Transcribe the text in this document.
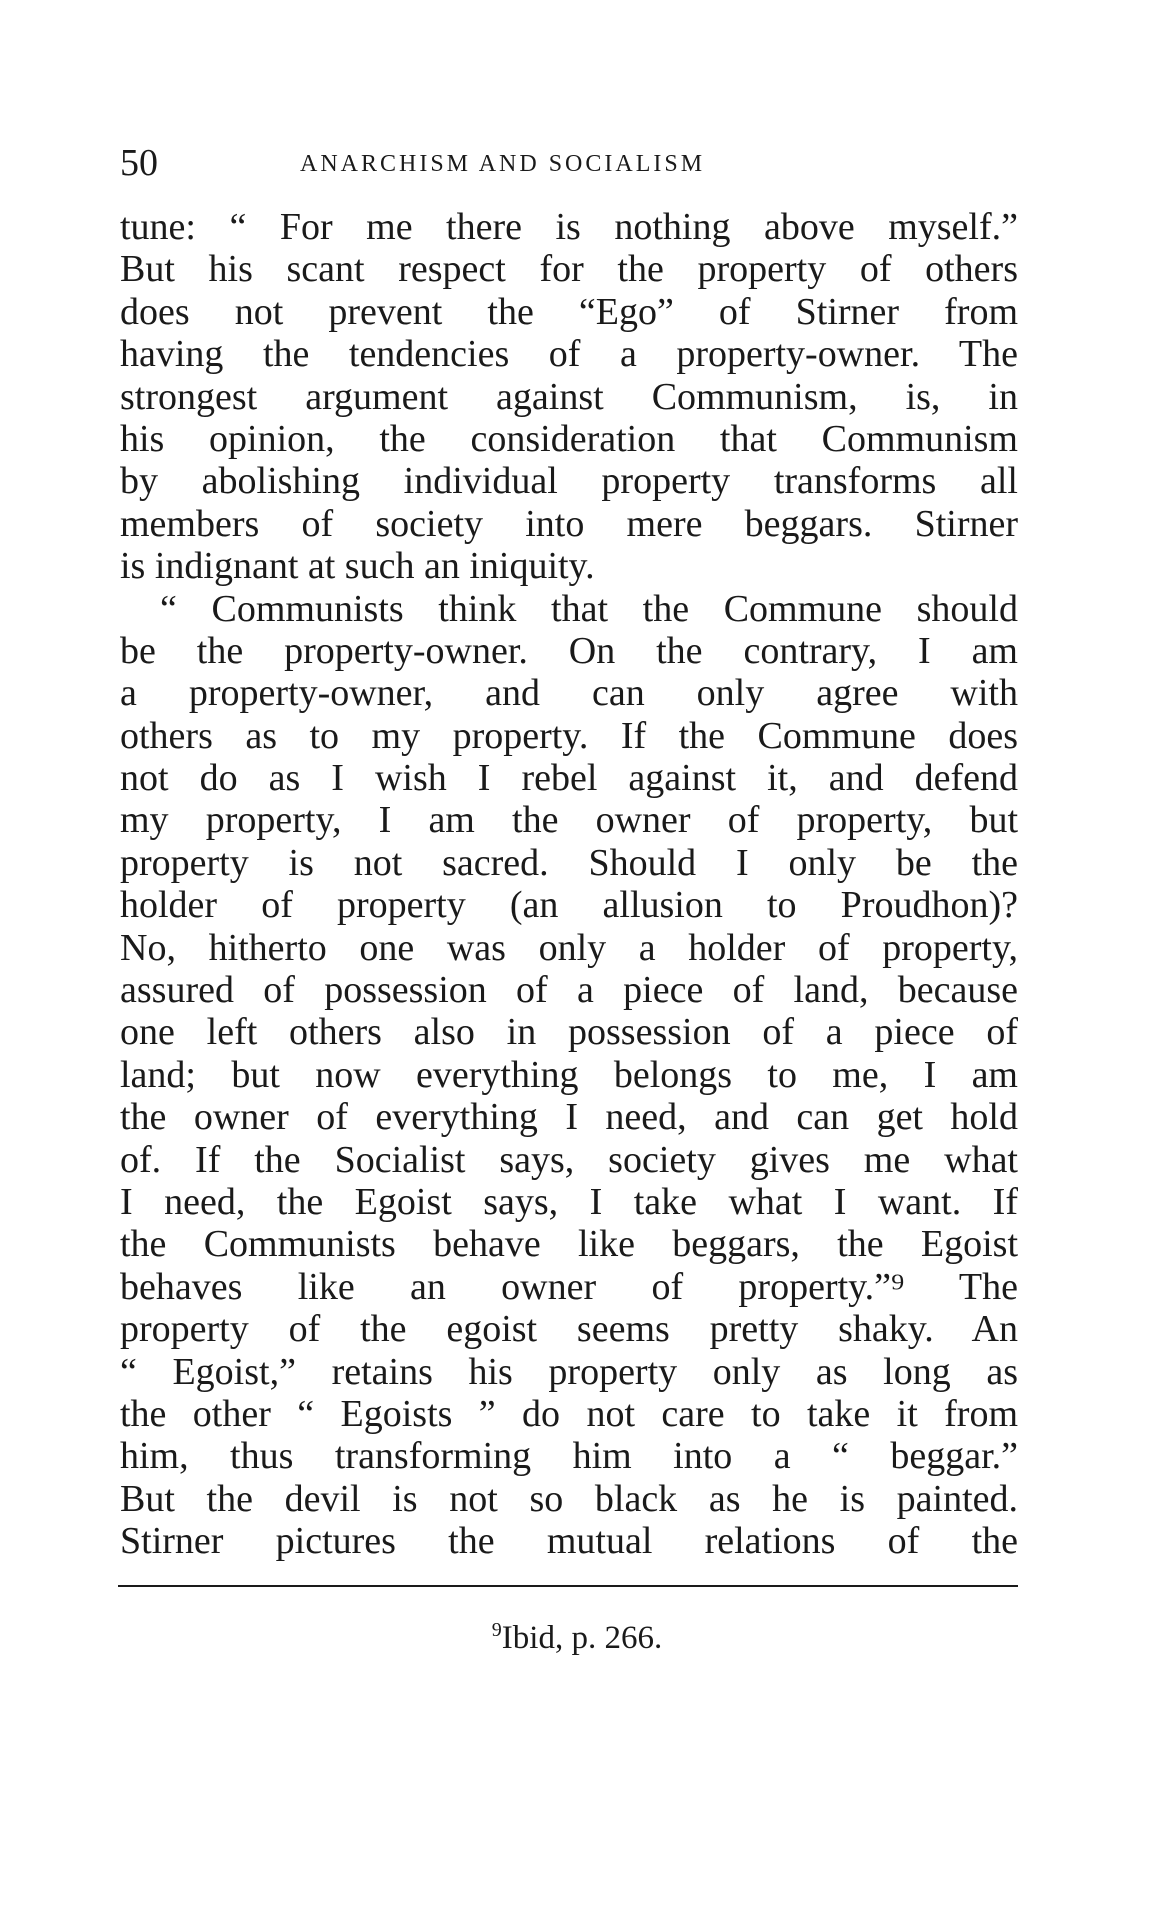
50	ANARCHISM AND SOCIALISM
tune: “ For me there is nothing above myself.”
But his scant respect for the property of others
does not prevent the “Ego” of Stirner from
having the tendencies of a property-owner. The
strongest argument against Communism, is, in
his opinion, the consideration that Communism
by abolishing individual property transforms all
members of society into mere beggars. Stirner
is indignant at such an iniquity.
“ Communists think that the Commune should
be the property-owner. On the contrary, I am
a property-owner, and can only agree with
others as to my property. If the Commune does
not do as I wish I rebel against it, and defend
my property, I am the owner of property, but
property is not sacred. Should I only be the
holder of property (an allusion to Proudhon)?
No, hitherto one was only a holder of property,
assured of possession of a piece of land, because
one left others also in possession of a piece of
land; but now everything belongs to me, I am
the owner of everything I need, and can get hold
of. If the Socialist says, society gives me what
I need, the Egoist says, I take what I want. If
the Communists behave like beggars, the Egoist
behaves like an owner of property.”⁹ The
property of the egoist seems pretty shaky. An
“ Egoist,” retains his property only as long as
the other “ Egoists ” do not care to take it from
him, thus transforming him into a “ beggar.”
But the devil is not so black as he is painted.
Stirner pictures the mutual relations of the
$^9$Ibid, p. 266.
